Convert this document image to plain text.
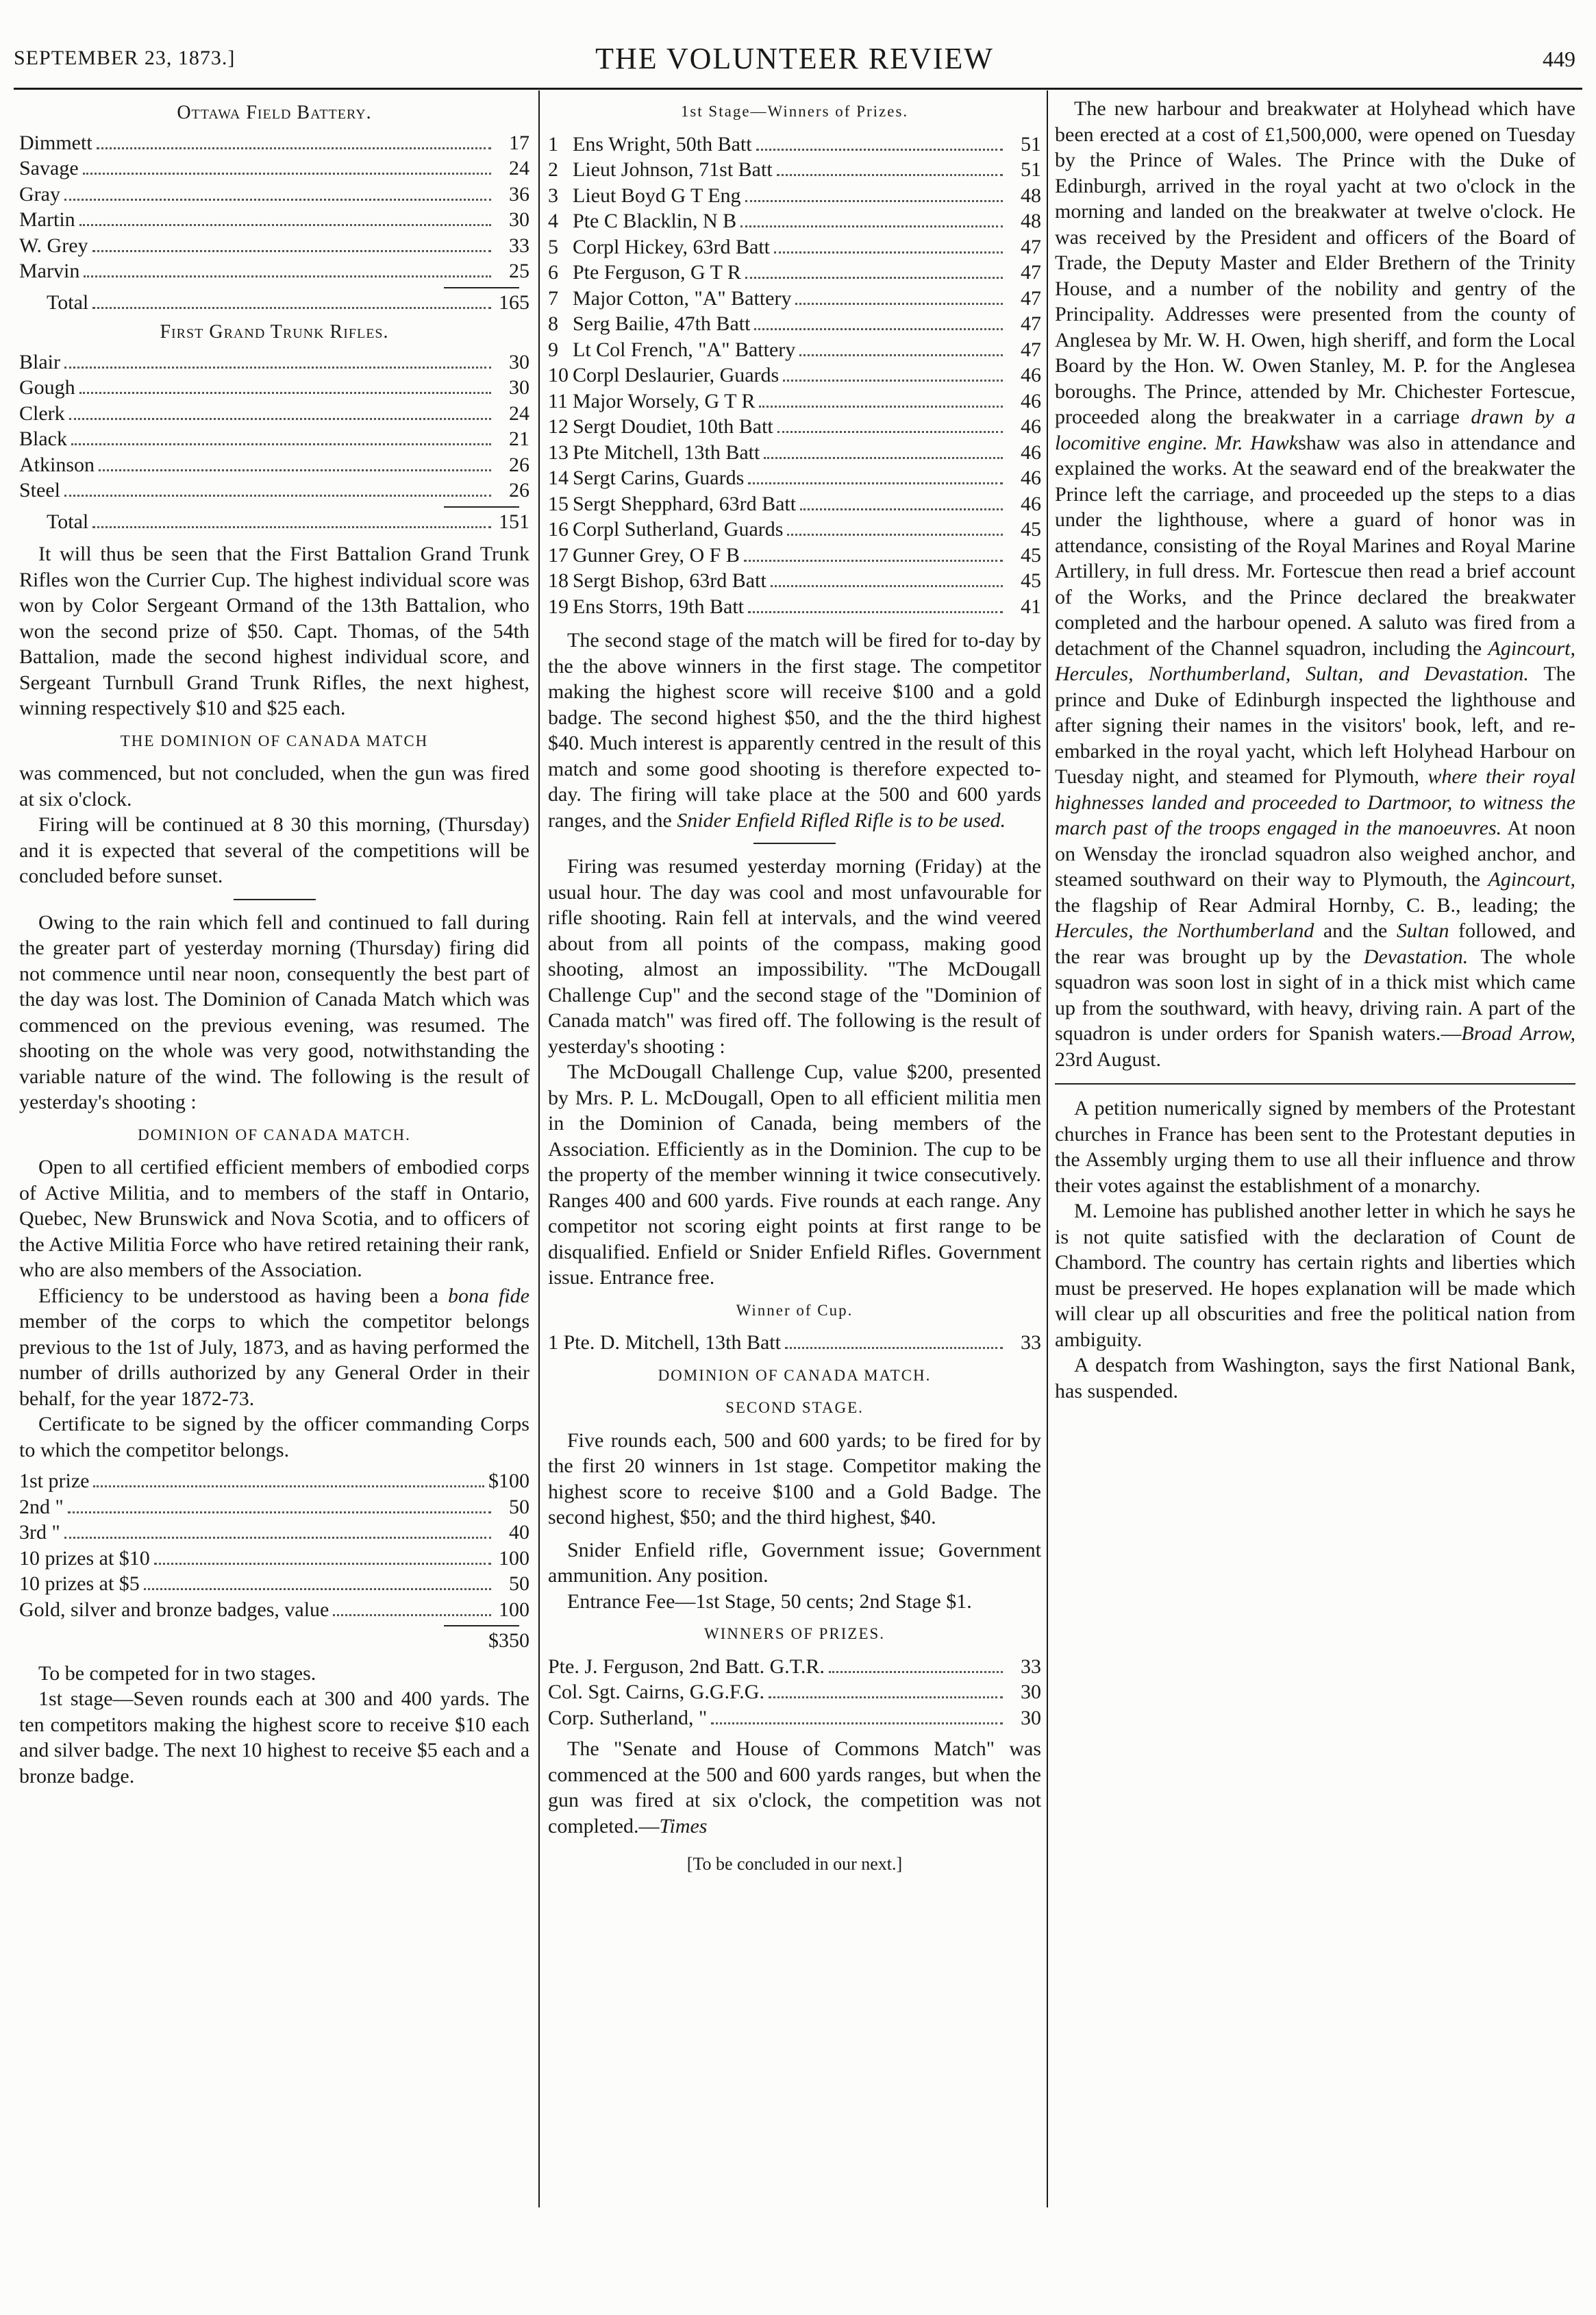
SEPTEMBER 23, 1873.]	THE VOLUNTEER REVIEW	449
Ottawa Field Battery.
Dimmett	17
Savage	24
Gray	36
Martin	30
W. Grey	33
Marvin	25
Total	165
First Grand Trunk Rifles.
Blair	30
Gough	30
Clerk	24
Black	21
Atkinson	26
Steel	26
Total	151

It will thus be seen that the First Battalion Grand Trunk Rifles won the Currier Cup. The highest individual score was won by Color Sergeant Ormand of the 13th Battalion, who won the second prize of $50. Capt. Thomas, of the 54th Battalion, made the second highest individual score, and Sergeant Turnbull Grand Trunk Rifles, the next highest, winning respectively $10 and $25 each.

THE DOMINION OF CANADA MATCH

was commenced, but not concluded, when the gun was fired at six o'clock.

Firing will be continued at 8 30 this morning, (Thursday) and it is expected that several of the competitions will be concluded before sunset.

Owing to the rain which fell and continued to fall during the greater part of yesterday morning (Thursday) firing did not commence until near noon, consequently the best part of the day was lost. The Dominion of Canada Match which was commenced on the previous evening, was resumed. The shooting on the whole was very good, notwithstanding the variable nature of the wind. The following is the result of yesterday's shooting :

DOMINION OF CANADA MATCH.

Open to all certified efficient members of embodied corps of Active Militia, and to members of the staff in Ontario, Quebec, New Brunswick and Nova Scotia, and to officers of the Active Militia Force who have retired retaining their rank, who are also members of the Association.

Efficiency to be understood as having been a bona fide member of the corps to which the competitor belongs previous to the 1st of July, 1873, and as having performed the number of drills authorized by any General Order in their behalf, for the year 1872-73.

Certificate to be signed by the officer commanding Corps to which the competitor belongs.

1st prize	$100
2nd "	50
3rd "	40
10 prizes at $10	100
10 prizes at $5	50
Gold, silver and bronze badges, value	100
$350

To be competed for in two stages.

1st stage—Seven rounds each at 300 and 400 yards. The ten competitors making the highest score to receive $10 each and silver badge. The next 10 highest to receive $5 each and a bronze badge.

1st Stage—Winners of Prizes.
1 Ens Wright, 50th Batt	51
2 Lieut Johnson, 71st Batt	51
3 Lieut Boyd G T Eng	48
4 Pte C Blacklin, N B	48
5 Corpl Hickey, 63rd Batt	47
6 Pte Ferguson, G T R	47
7 Major Cotton, "A" Battery	47
8 Serg Bailie, 47th Batt	47
9 Lt Col French, "A" Battery	47
10 Corpl Deslaurier, Guards	46
11 Major Worsely, G T R	46
12 Sergt Doudiet, 10th Batt	46
13 Pte Mitchell, 13th Batt	46
14 Sergt Carins, Guards	46
15 Sergt Shepphard, 63rd Batt	46
16 Corpl Sutherland, Guards	45
17 Gunner Grey, O F B	45
18 Sergt Bishop, 63rd Batt	45
19 Ens Storrs, 19th Batt	41

The second stage of the match will be fired for to-day by the the above winners in the first stage. The competitor making the highest score will receive $100 and a gold badge. The second highest $50, and the the third highest $40. Much interest is apparently centred in the result of this match and some good shooting is therefore expected to-day. The firing will take place at the 500 and 600 yards ranges, and the Snider Enfield Rifled Rifle is to be used.

Firing was resumed yesterday morning (Friday) at the usual hour. The day was cool and most unfavourable for rifle shooting. Rain fell at intervals, and the wind veered about from all points of the compass, making good shooting, almost an impossibility. "The McDougall Challenge Cup" and the second stage of the "Dominion of Canada match" was fired off. The following is the result of yesterday's shooting :

The McDougall Challenge Cup, value $200, presented by Mrs. P. L. McDougall, Open to all efficient militia men in the Dominion of Canada, being members of the Association. Efficiently as in the Dominion. The cup to be the property of the member winning it twice consecutively. Ranges 400 and 600 yards. Five rounds at each range. Any competitor not scoring eight points at first range to be disqualified. Enfield or Snider Enfield Rifles. Government issue. Entrance free.

Winner of Cup.
1 Pte. D. Mitchell, 13th Batt	33
DOMINION OF CANADA MATCH.
SECOND STAGE.

Five rounds each, 500 and 600 yards; to be fired for by the first 20 winners in 1st stage. Competitor making the highest score to receive $100 and a Gold Badge. The second highest, $50; and the third highest, $40.

Snider Enfield rifle, Government issue; Government ammunition. Any position.

Entrance Fee—1st Stage, 50 cents; 2nd Stage $1.

WINNERS OF PRIZES.
Pte. J. Ferguson, 2nd Batt. G.T.R.	33
Col. Sgt. Cairns, G.G.F.G.	30
Corp. Sutherland, "	30

The "Senate and House of Commons Match" was commenced at the 500 and 600 yards ranges, but when the gun was fired at six o'clock, the competition was not completed.—Times

[To be concluded in our next.]

The new harbour and breakwater at Holyhead which have been erected at a cost of £1,500,000, were opened on Tuesday by the Prince of Wales. The Prince with the Duke of Edinburgh, arrived in the royal yacht at two o'clock in the morning and landed on the breakwater at twelve o'clock. He was received by the President and officers of the Board of Trade, the Deputy Master and Elder Brethern of the Trinity House, and a number of the nobility and gentry of the Principality. Addresses were presented from the county of Anglesea by Mr. W. H. Owen, high sheriff, and form the Local Board by the Hon. W. Owen Stanley, M. P. for the Anglesea boroughs. The Prince, attended by Mr. Chichester Fortescue, proceeded along the breakwater in a carriage drawn by a locomitive engine. Mr. Hawkshaw was also in attendance and explained the works. At the seaward end of the breakwater the Prince left the carriage, and proceeded up the steps to a dias under the lighthouse, where a guard of honor was in attendance, consisting of the Royal Marines and Royal Marine Artillery, in full dress. Mr. Fortescue then read a brief account of the Works, and the Prince declared the breakwater completed and the harbour opened. A saluto was fired from a detachment of the Channel squadron, including the Agincourt, Hercules, Northumberland, Sultan, and Devastation. The prince and Duke of Edinburgh inspected the lighthouse and after signing their names in the visitors' book, left, and re-embarked in the royal yacht, which left Holyhead Harbour on Tuesday night, and steamed for Plymouth, where their royal highnesses landed and proceeded to Dartmoor, to witness the march past of the troops engaged in the manoeuvres. At noon on Wensday the ironclad squadron also weighed anchor, and steamed southward on their way to Plymouth, the Agincourt, the flagship of Rear Admiral Hornby, C. B., leading; the Hercules, the Northumberland and the Sultan followed, and the rear was brought up by the Devastation. The whole squadron was soon lost in sight of in a thick mist which came up from the southward, with heavy, driving rain. A part of the squadron is under orders for Spanish waters.—Broad Arrow, 23rd August.

A petition numerically signed by members of the Protestant churches in France has been sent to the Protestant deputies in the Assembly urging them to use all their influence and throw their votes against the establishment of a monarchy.

M. Lemoine has published another letter in which he says he is not quite satisfied with the declaration of Count de Chambord. The country has certain rights and liberties which must be preserved. He hopes explanation will be made which will clear up all obscurities and free the political nation from ambiguity.

A despatch from Washington, says the first National Bank, has suspended.
